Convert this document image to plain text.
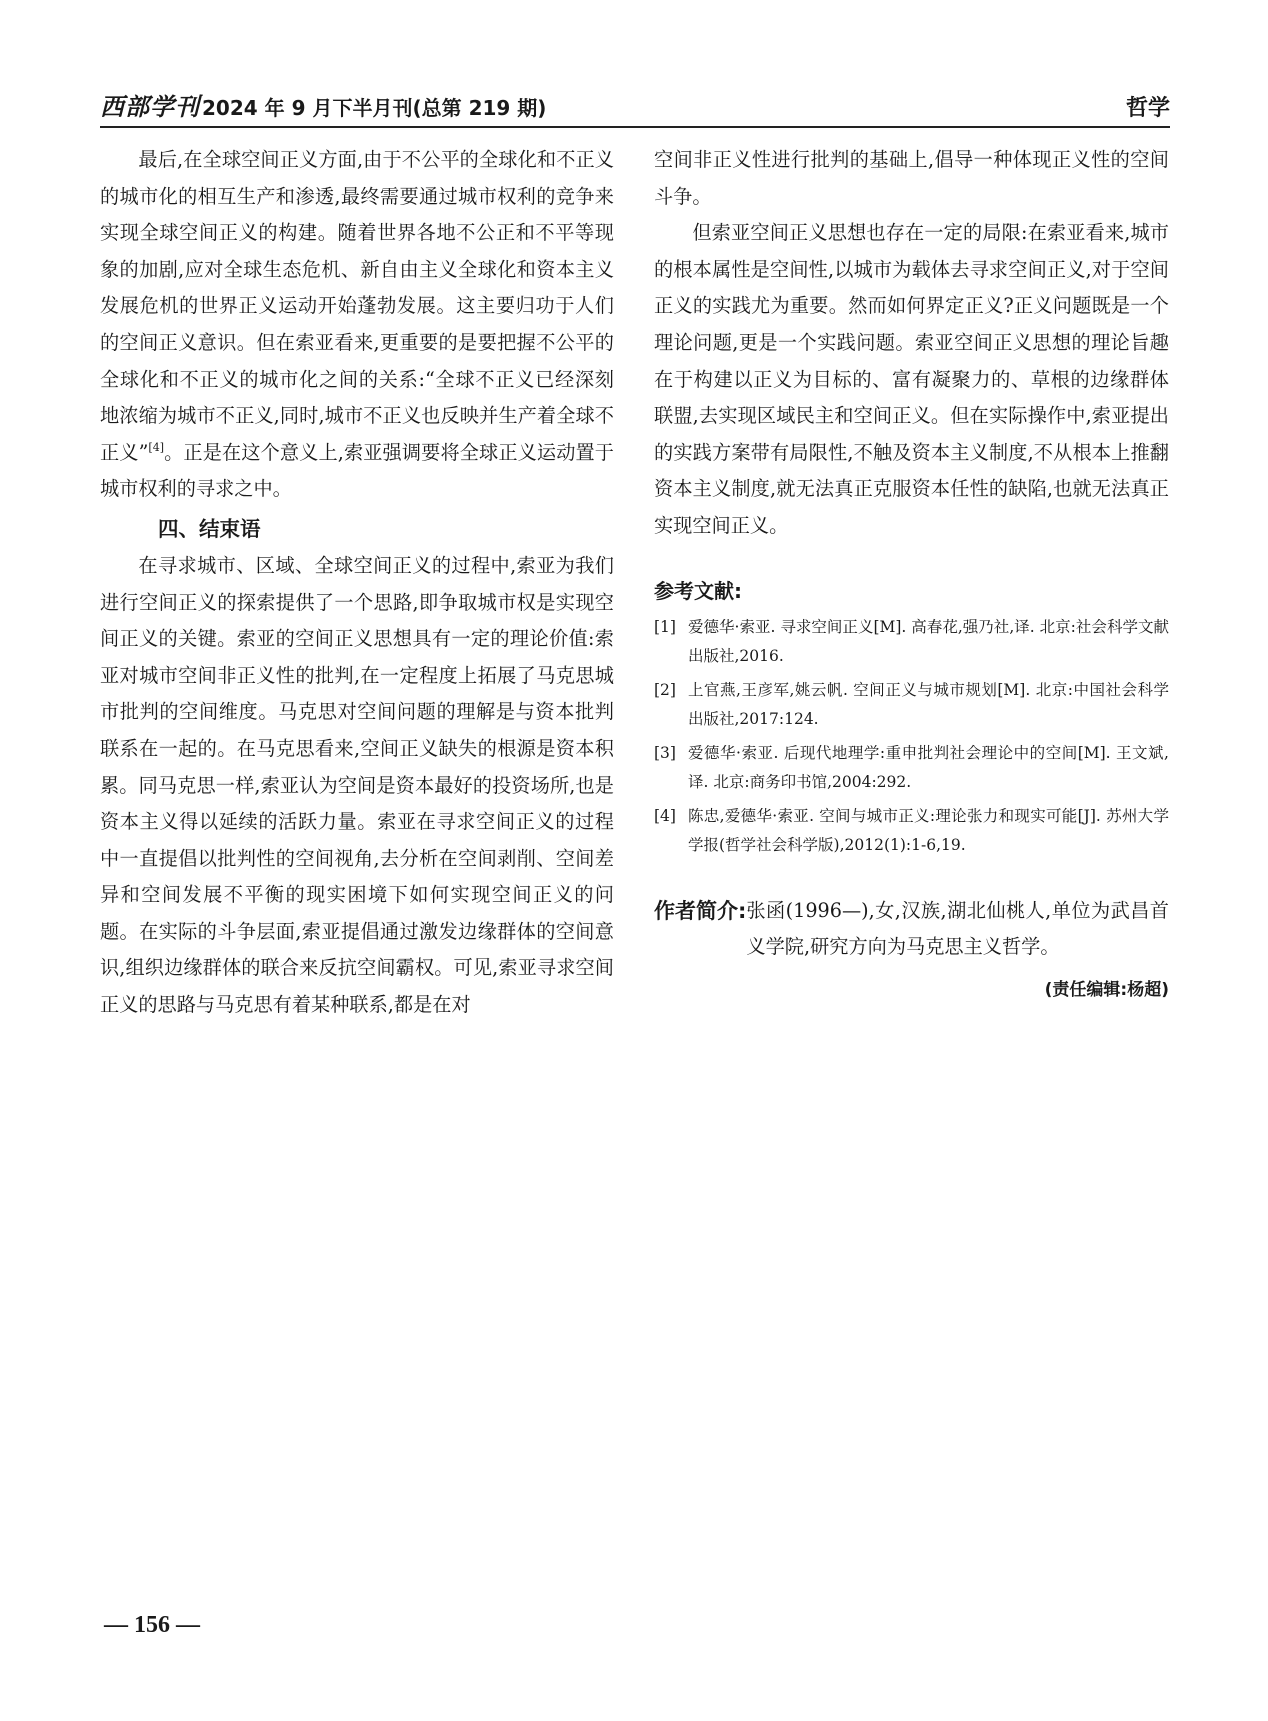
西部学刊 2024 年 9 月下半月刊(总第 219 期)	哲学

最后,在全球空间正义方面,由于不公平的全球化和不正义的城市化的相互生产和渗透,最终需要通过城市权利的竞争来实现全球空间正义的构建。随着世界各地不公正和不平等现象的加剧,应对全球生态危机、新自由主义全球化和资本主义发展危机的世界正义运动开始蓬勃发展。这主要归功于人们的空间正义意识。但在索亚看来,更重要的是要把握不公平的全球化和不正义的城市化之间的关系:“全球不正义已经深刻地浓缩为城市不正义,同时,城市不正义也反映并生产着全球不正义”[4]。正是在这个意义上,索亚强调要将全球正义运动置于城市权利的寻求之中。

四、结束语

在寻求城市、区域、全球空间正义的过程中,索亚为我们进行空间正义的探索提供了一个思路,即争取城市权是实现空间正义的关键。索亚的空间正义思想具有一定的理论价值:索亚对城市空间非正义性的批判,在一定程度上拓展了马克思城市批判的空间维度。马克思对空间问题的理解是与资本批判联系在一起的。在马克思看来,空间正义缺失的根源是资本积累。同马克思一样,索亚认为空间是资本最好的投资场所,也是资本主义得以延续的活跃力量。索亚在寻求空间正义的过程中一直提倡以批判性的空间视角,去分析在空间剥削、空间差异和空间发展不平衡的现实困境下如何实现空间正义的问题。在实际的斗争层面,索亚提倡通过激发边缘群体的空间意识,组织边缘群体的联合来反抗空间霸权。可见,索亚寻求空间正义的思路与马克思有着某种联系,都是在对

空间非正义性进行批判的基础上,倡导一种体现正义性的空间斗争。

但索亚空间正义思想也存在一定的局限:在索亚看来,城市的根本属性是空间性,以城市为载体去寻求空间正义,对于空间正义的实践尤为重要。然而如何界定正义?正义问题既是一个理论问题,更是一个实践问题。索亚空间正义思想的理论旨趣在于构建以正义为目标的、富有凝聚力的、草根的边缘群体联盟,去实现区域民主和空间正义。但在实际操作中,索亚提出的实践方案带有局限性,不触及资本主义制度,不从根本上推翻资本主义制度,就无法真正克服资本任性的缺陷,也就无法真正实现空间正义。

参考文献:
[1] 爱德华·索亚. 寻求空间正义[M]. 高春花,强乃社,译. 北京:社会科学文献出版社,2016.
[2] 上官燕,王彦军,姚云帆. 空间正义与城市规划[M]. 北京:中国社会科学出版社,2017:124.
[3] 爱德华·索亚. 后现代地理学:重申批判社会理论中的空间[M]. 王文斌,译. 北京:商务印书馆,2004:292.
[4] 陈忠,爱德华·索亚. 空间与城市正义:理论张力和现实可能[J]. 苏州大学学报(哲学社会科学版),2012(1):1-6,19.
作者简介: 张函(1996—),女,汉族,湖北仙桃人,单位为武昌首义学院,研究方向为马克思主义哲学。
(责任编辑:杨超)
— 156 —
